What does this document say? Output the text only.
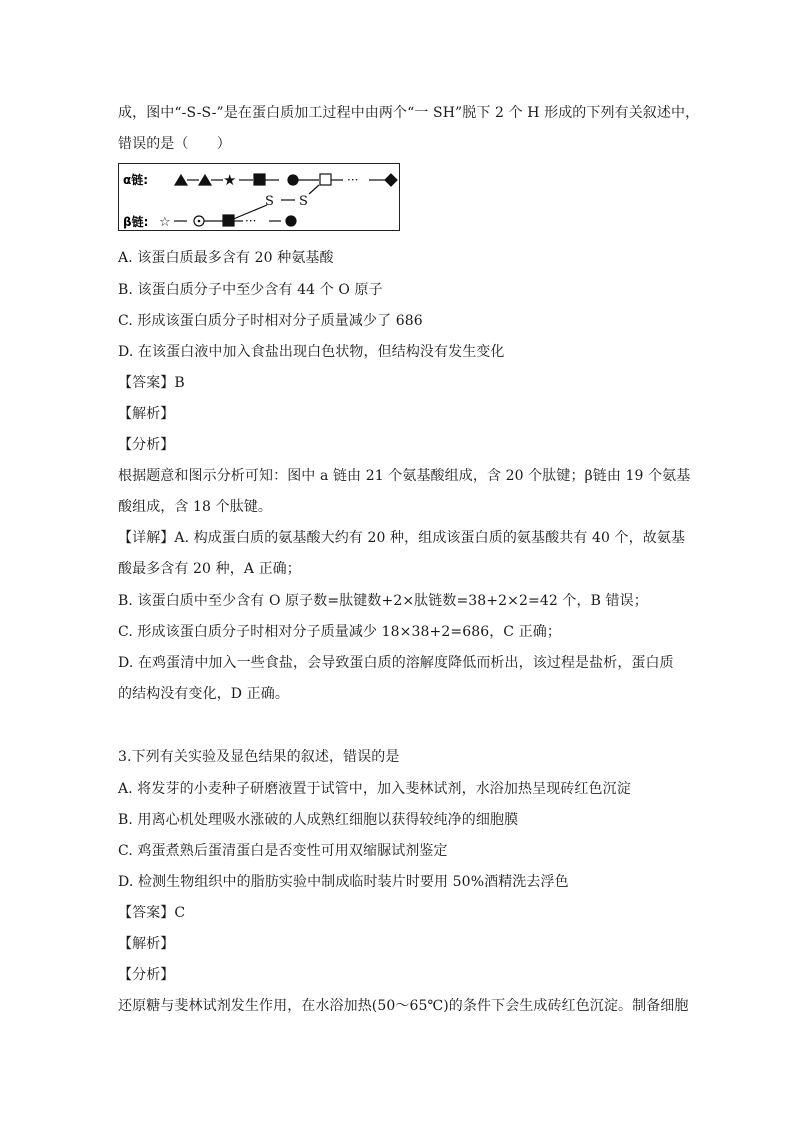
成，图中“-S-S-”是在蛋白质加工过程中由两个“一 SH”脱下 2 个 H 形成的下列有关叙述中，
错误的是（　　）
α链:	★	···
S S
β链: ☆	···
A. 该蛋白质最多含有 20 种氨基酸
B. 该蛋白质分子中至少含有 44 个 O 原子
C. 形成该蛋白质分子时相对分子质量减少了 686
D. 在该蛋白液中加入食盐出现白色状物，但结构没有发生变化
【答案】B
【解析】
【分析】
根据题意和图示分析可知：图中 a 链由 21 个氨基酸组成，含 20 个肽键；β链由 19 个氨基
酸组成，含 18 个肽键。
【详解】A. 构成蛋白质的氨基酸大约有 20 种，组成该蛋白质的氨基酸共有 40 个，故氨基
酸最多含有 20 种，A 正确；
B. 该蛋白质中至少含有 O 原子数=肽键数+2×肽链数=38+2×2=42 个，B 错误；
C. 形成该蛋白质分子时相对分子质量减少 18×38+2=686，C 正确；
D. 在鸡蛋清中加入一些食盐，会导致蛋白质的溶解度降低而析出，该过程是盐析，蛋白质
的结构没有变化，D 正确。
3.下列有关实验及显色结果的叙述，错误的是
A. 将发芽的小麦种子研磨液置于试管中，加入斐林试剂，水浴加热呈现砖红色沉淀
B. 用离心机处理吸水涨破的人成熟红细胞以获得较纯净的细胞膜
C. 鸡蛋煮熟后蛋清蛋白是否变性可用双缩脲试剂鉴定
D. 检测生物组织中的脂肪实验中制成临时装片时要用 50%酒精洗去浮色
【答案】C
【解析】
【分析】
还原糖与斐林试剂发生作用，在水浴加热(50～65℃)的条件下会生成砖红色沉淀。制备细胞
